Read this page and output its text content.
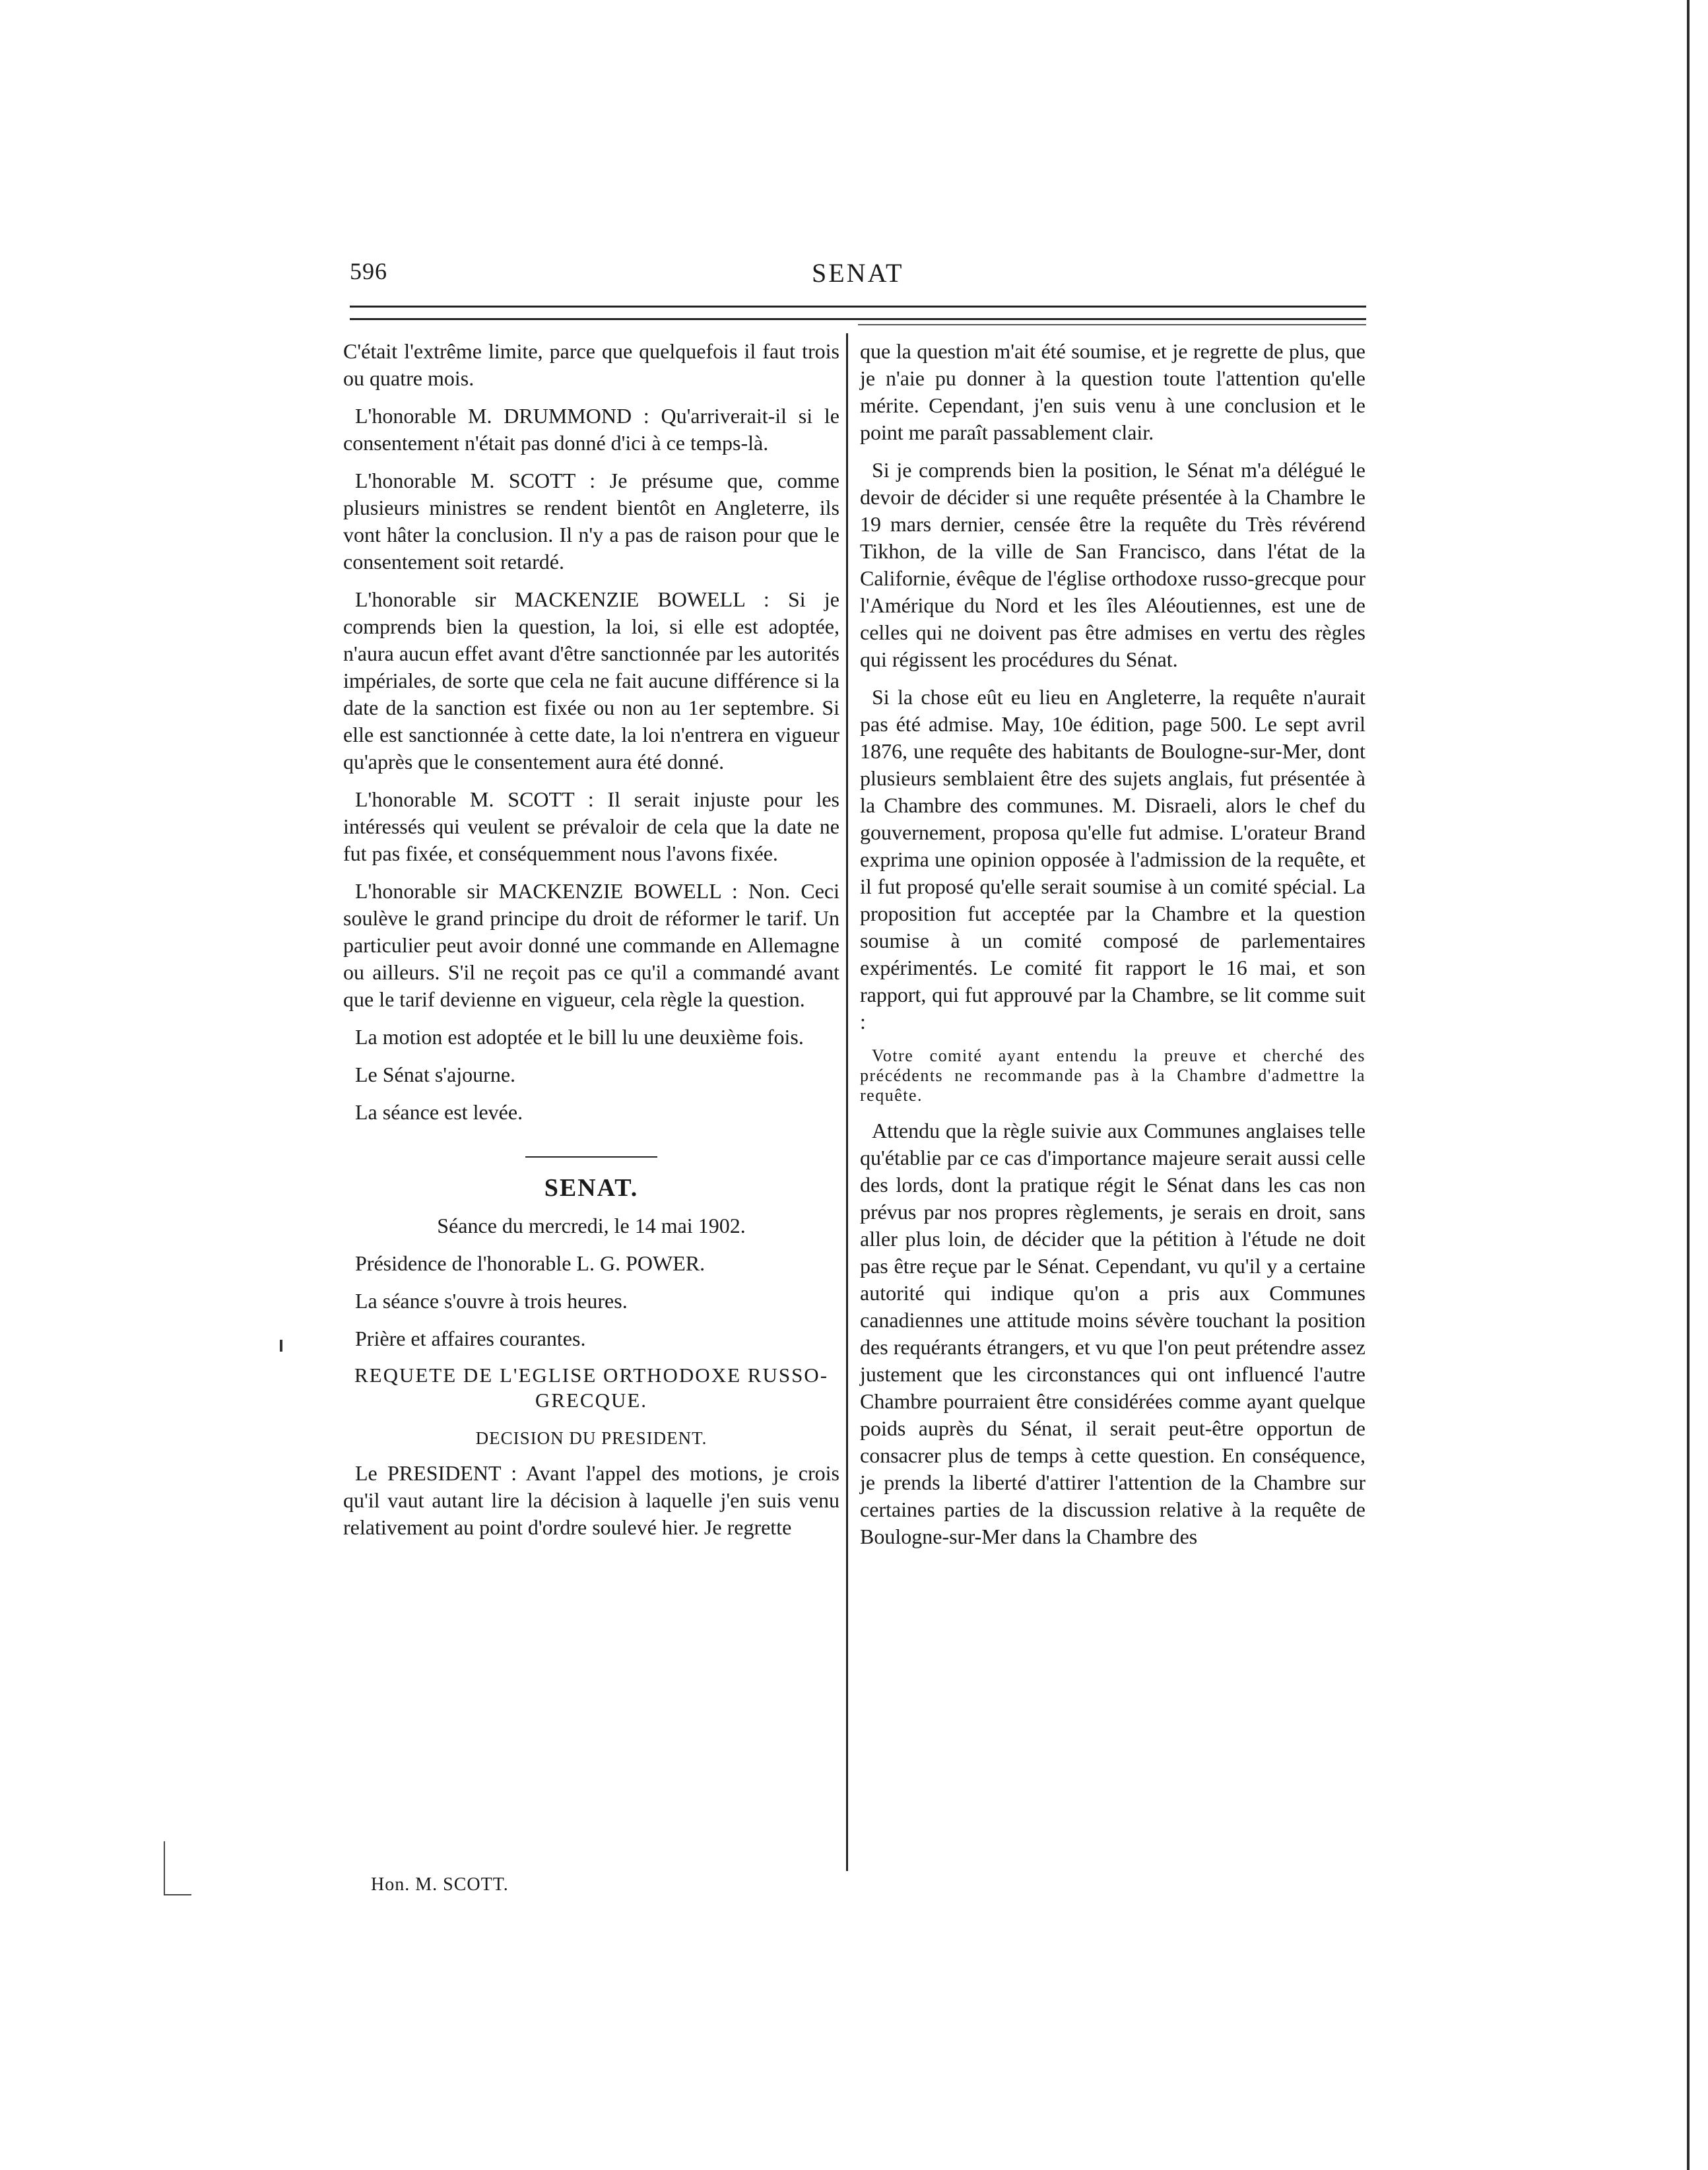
596	SENAT

C'était l'extrême limite, parce que quelquefois il faut trois ou quatre mois.

L'honorable M. DRUMMOND : Qu'arriverait-il si le consentement n'était pas donné d'ici à ce temps-là.

L'honorable M. SCOTT : Je présume que, comme plusieurs ministres se rendent bientôt en Angleterre, ils vont hâter la conclusion. Il n'y a pas de raison pour que le consentement soit retardé.

L'honorable sir MACKENZIE BOWELL : Si je comprends bien la question, la loi, si elle est adoptée, n'aura aucun effet avant d'être sanctionnée par les autorités impériales, de sorte que cela ne fait aucune différence si la date de la sanction est fixée ou non au 1er septembre. Si elle est sanctionnée à cette date, la loi n'entrera en vigueur qu'après que le consentement aura été donné.

L'honorable M. SCOTT : Il serait injuste pour les intéressés qui veulent se prévaloir de cela que la date ne fut pas fixée, et conséquemment nous l'avons fixée.

L'honorable sir MACKENZIE BOWELL : Non. Ceci soulève le grand principe du droit de réformer le tarif. Un particulier peut avoir donné une commande en Allemagne ou ailleurs. S'il ne reçoit pas ce qu'il a commandé avant que le tarif devienne en vigueur, cela règle la question.

La motion est adoptée et le bill lu une deuxième fois.

Le Sénat s'ajourne.

La séance est levée.

SENAT.

Séance du mercredi, le 14 mai 1902.

Présidence de l'honorable L. G. POWER.

La séance s'ouvre à trois heures.

Prière et affaires courantes.

REQUETE DE L'EGLISE ORTHODOXE RUSSO-GRECQUE.
DECISION DU PRESIDENT.

Le PRESIDENT : Avant l'appel des motions, je crois qu'il vaut autant lire la décision à laquelle j'en suis venu relativement au point d'ordre soulevé hier. Je regrette

que la question m'ait été soumise, et je regrette de plus, que je n'aie pu donner à la question toute l'attention qu'elle mérite. Cependant, j'en suis venu à une conclusion et le point me paraît passablement clair.

Si je comprends bien la position, le Sénat m'a délégué le devoir de décider si une requête présentée à la Chambre le 19 mars dernier, censée être la requête du Très révérend Tikhon, de la ville de San Francisco, dans l'état de la Californie, évêque de l'église orthodoxe russo-grecque pour l'Amérique du Nord et les îles Aléoutiennes, est une de celles qui ne doivent pas être admises en vertu des règles qui régissent les procédures du Sénat.

Si la chose eût eu lieu en Angleterre, la requête n'aurait pas été admise. May, 10e édition, page 500. Le sept avril 1876, une requête des habitants de Boulogne-sur-Mer, dont plusieurs semblaient être des sujets anglais, fut présentée à la Chambre des communes. M. Disraeli, alors le chef du gouvernement, proposa qu'elle fut admise. L'orateur Brand exprima une opinion opposée à l'admission de la requête, et il fut proposé qu'elle serait soumise à un comité spécial. La proposition fut acceptée par la Chambre et la question soumise à un comité composé de parlementaires expérimentés. Le comité fit rapport le 16 mai, et son rapport, qui fut approuvé par la Chambre, se lit comme suit :

Votre comité ayant entendu la preuve et cherché des précédents ne recommande pas à la Chambre d'admettre la requête.

Attendu que la règle suivie aux Communes anglaises telle qu'établie par ce cas d'importance majeure serait aussi celle des lords, dont la pratique régit le Sénat dans les cas non prévus par nos propres règlements, je serais en droit, sans aller plus loin, de décider que la pétition à l'étude ne doit pas être reçue par le Sénat. Cependant, vu qu'il y a certaine autorité qui indique qu'on a pris aux Communes canadiennes une attitude moins sévère touchant la position des requérants étrangers, et vu que l'on peut prétendre assez justement que les circonstances qui ont influencé l'autre Chambre pourraient être considérées comme ayant quelque poids auprès du Sénat, il serait peut-être opportun de consacrer plus de temps à cette question. En conséquence, je prends la liberté d'attirer l'attention de la Chambre sur certaines parties de la discussion relative à la requête de Boulogne-sur-Mer dans la Chambre des

Hon. M. SCOTT.
